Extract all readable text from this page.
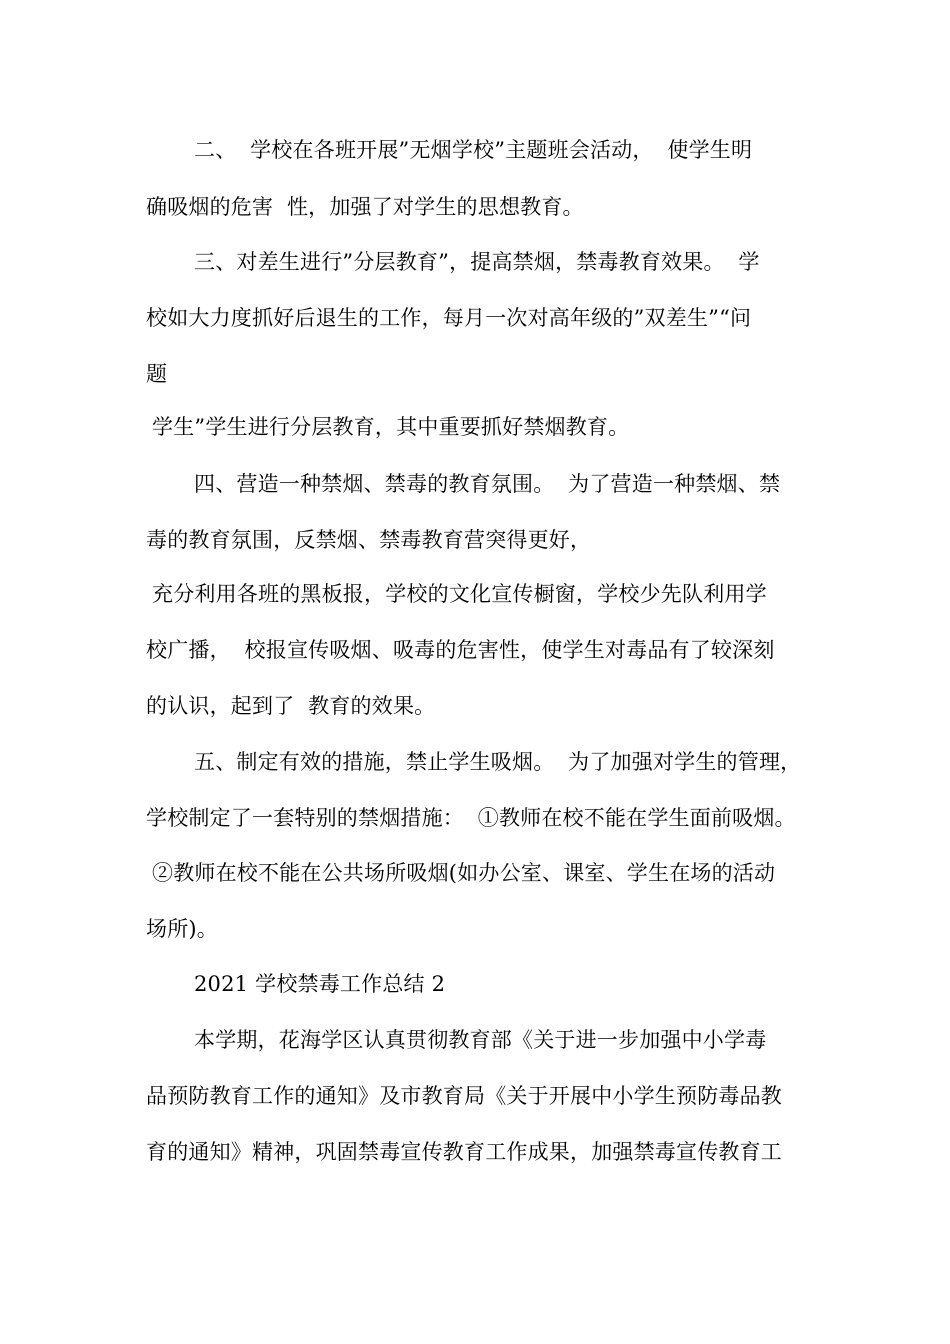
二、  学校在各班开展”无烟学校”主题班会活动，  使学生明
确吸烟的危害  性，加强了对学生的思想教育。
三、对差生进行”分层教育”，提高禁烟，禁毒教育效果。  学
校如大力度抓好后退生的工作，每月一次对高年级的”双差生”“问
题
学生”学生进行分层教育，其中重要抓好禁烟教育。
四、营造一种禁烟、禁毒的教育氛围。  为了营造一种禁烟、禁
毒的教育氛围，反禁烟、禁毒教育营突得更好，
充分利用各班的黑板报，学校的文化宣传橱窗，学校少先队利用学
校广播，  校报宣传吸烟、吸毒的危害性，使学生对毒品有了较深刻
的认识，起到了  教育的效果。
五、制定有效的措施，禁止学生吸烟。  为了加强对学生的管理，
学校制定了一套特别的禁烟措施：  ①教师在校不能在学生面前吸烟。
②教师在校不能在公共场所吸烟(如办公室、课室、学生在场的活动
场所)。
2021 学校禁毒工作总结 2
本学期，花海学区认真贯彻教育部《关于进一步加强中小学毒
品预防教育工作的通知》及市教育局《关于开展中小学生预防毒品教
育的通知》精神，巩固禁毒宣传教育工作成果，加强禁毒宣传教育工
